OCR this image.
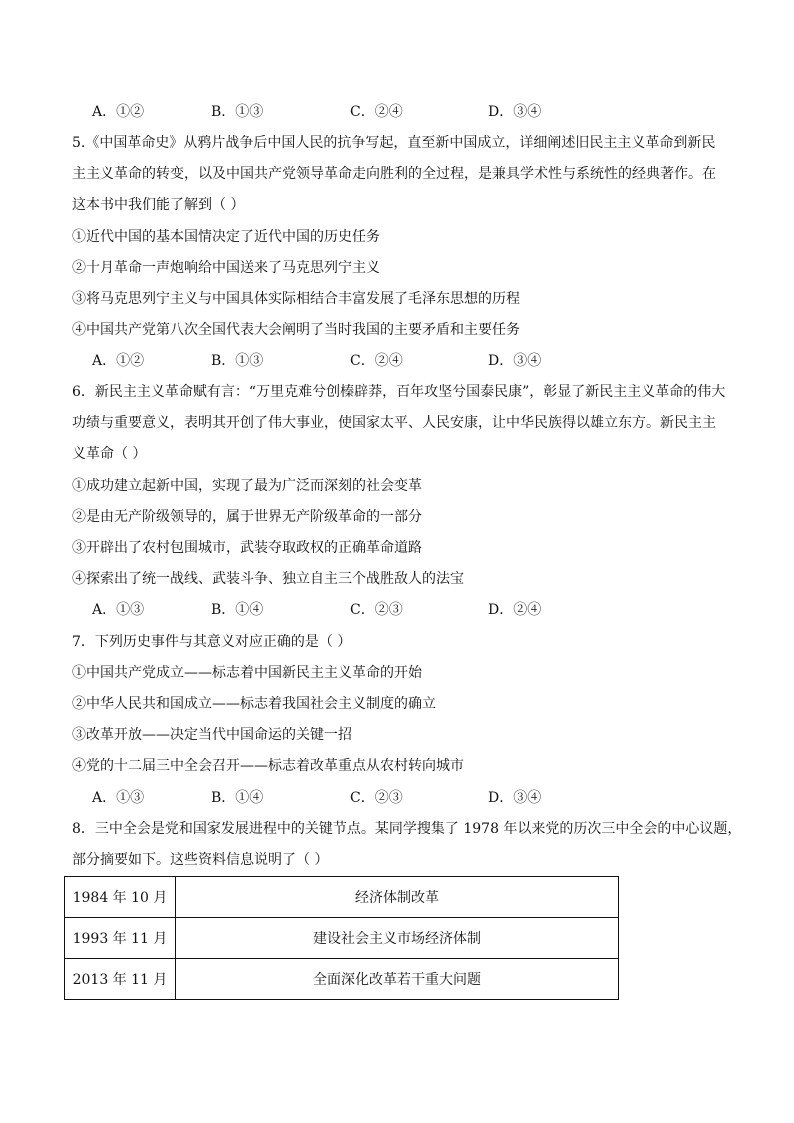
A．①②	B．①③	C．②④	D．③④
5.《中国革命史》从鸦片战争后中国人民的抗争写起，直至新中国成立，详细阐述旧民主主义革命到新民
主主义革命的转变，以及中国共产党领导革命走向胜利的全过程，是兼具学术性与系统性的经典著作。在
这本书中我们能了解到（ ）
①近代中国的基本国情决定了近代中国的历史任务
②十月革命一声炮响给中国送来了马克思列宁主义
③将马克思列宁主义与中国具体实际相结合丰富发展了毛泽东思想的历程
④中国共产党第八次全国代表大会阐明了当时我国的主要矛盾和主要任务
A．①②	B．①③	C．②④	D．③④
6．新民主主义革命赋有言：“万里克难兮创榛辟莽，百年攻坚兮国泰民康”，彰显了新民主主义革命的伟大
功绩与重要意义，表明其开创了伟大事业，使国家太平、人民安康，让中华民族得以雄立东方。新民主主
义革命（ ）
①成功建立起新中国，实现了最为广泛而深刻的社会变革
②是由无产阶级领导的，属于世界无产阶级革命的一部分
③开辟出了农村包围城市，武装夺取政权的正确革命道路
④探索出了统一战线、武装斗争、独立自主三个战胜敌人的法宝
A．①③	B．①④	C．②③	D．②④
7．下列历史事件与其意义对应正确的是（ ）
①中国共产党成立——标志着中国新民主主义革命的开始
②中华人民共和国成立——标志着我国社会主义制度的确立
③改革开放——决定当代中国命运的关键一招
④党的十二届三中全会召开——标志着改革重点从农村转向城市
A．①③	B．①④	C．②③	D．③④
8．三中全会是党和国家发展进程中的关键节点。某同学搜集了 1978 年以来党的历次三中全会的中心议题，
部分摘要如下。这些资料信息说明了（ ）
1984 年 10 月	经济体制改革
1993 年 11 月	建设社会主义市场经济体制
2013 年 11 月	全面深化改革若干重大问题
